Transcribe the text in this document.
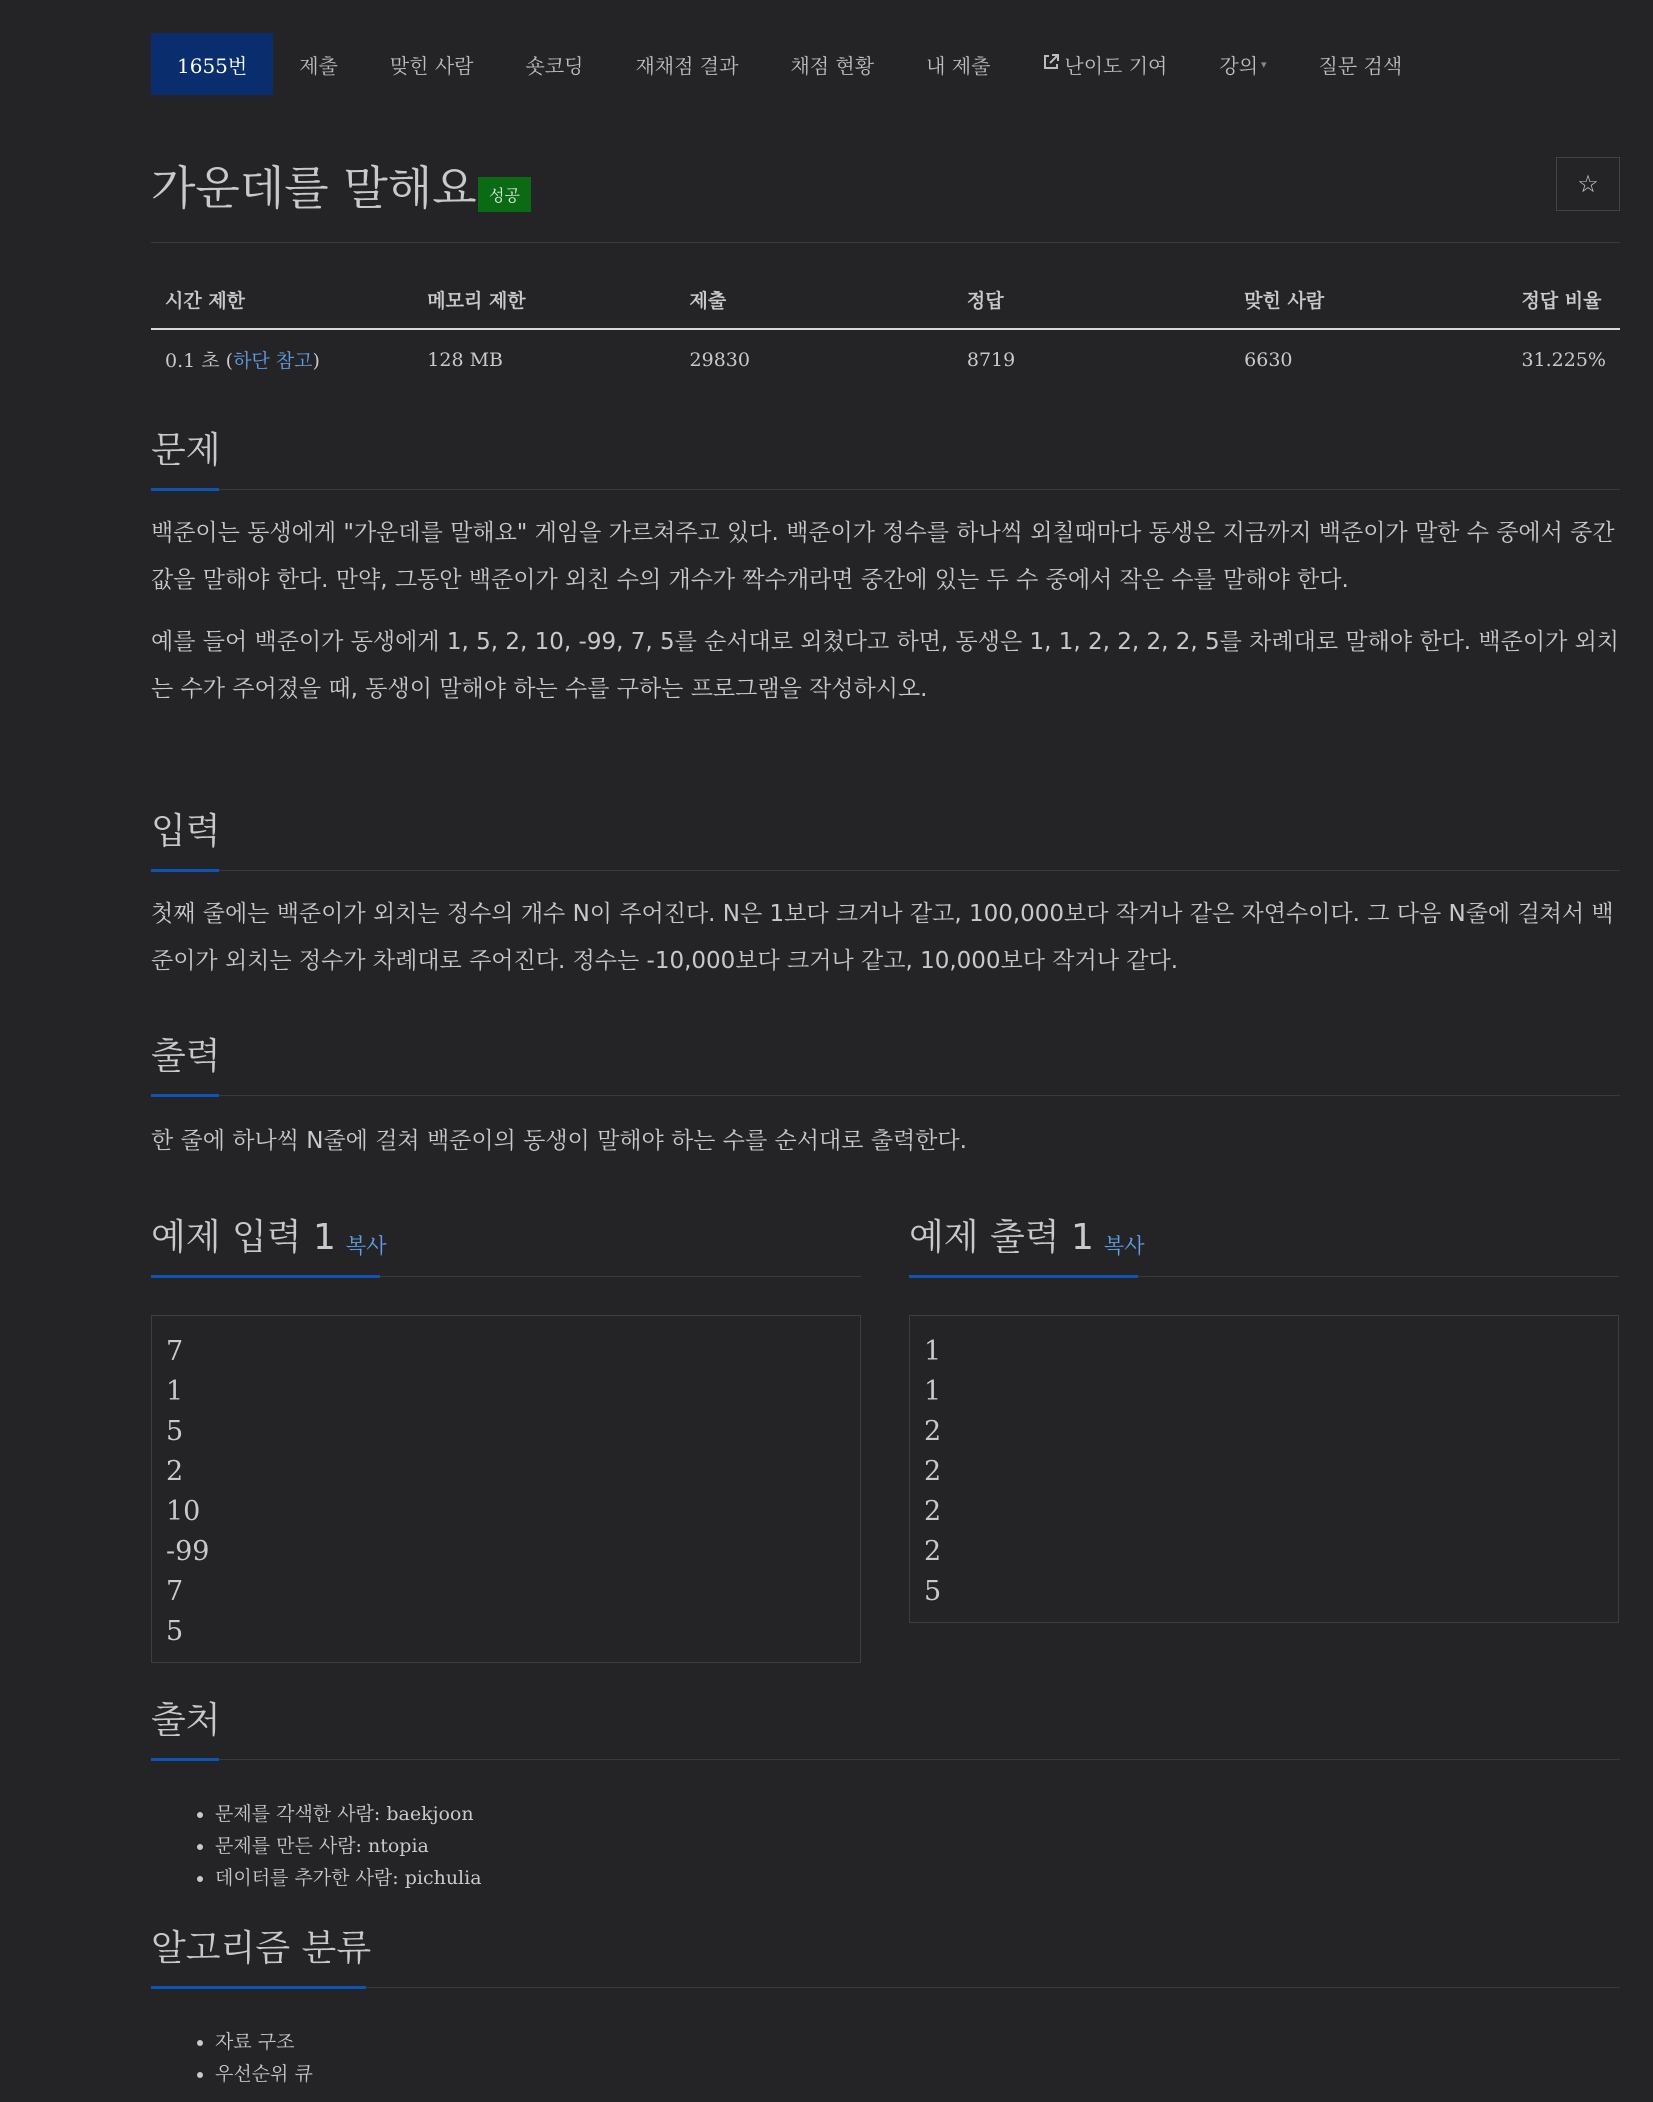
1655번	제출	맞힌 사람	숏코딩	재채점 결과	채점 현황	내 제출	난이도 기여	강의 ▾	질문 검색
가운데를 말해요 성공	☆
시간 제한	메모리 제한	제출	정답	맞힌 사람	정답 비율
0.1 초 (하단 참고)	128 MB	29830	8719	6630	31.225%
문제

백준이는 동생에게 "가운데를 말해요" 게임을 가르쳐주고 있다. 백준이가 정수를 하나씩 외칠때마다 동생은 지금까지 백준이가 말한 수 중에서 중간값을 말해야 한다. 만약, 그동안 백준이가 외친 수의 개수가 짝수개라면 중간에 있는 두 수 중에서 작은 수를 말해야 한다.

예를 들어 백준이가 동생에게 1, 5, 2, 10, -99, 7, 5를 순서대로 외쳤다고 하면, 동생은 1, 1, 2, 2, 2, 2, 5를 차례대로 말해야 한다. 백준이가 외치는 수가 주어졌을 때, 동생이 말해야 하는 수를 구하는 프로그램을 작성하시오.

입력

첫째 줄에는 백준이가 외치는 정수의 개수 N이 주어진다. N은 1보다 크거나 같고, 100,000보다 작거나 같은 자연수이다. 그 다음 N줄에 걸쳐서 백준이가 외치는 정수가 차례대로 주어진다. 정수는 -10,000보다 크거나 같고, 10,000보다 작거나 같다.

출력

한 줄에 하나씩 N줄에 걸쳐 백준이의 동생이 말해야 하는 수를 순서대로 출력한다.

예제 입력 1 복사
7
1
5
2
10
-99
7
5
예제 출력 1 복사
1
1
2
2
2
2
5
출처
• 문제를 각색한 사람: baekjoon
• 문제를 만든 사람: ntopia
• 데이터를 추가한 사람: pichulia
알고리즘 분류
• 자료 구조
• 우선순위 큐
